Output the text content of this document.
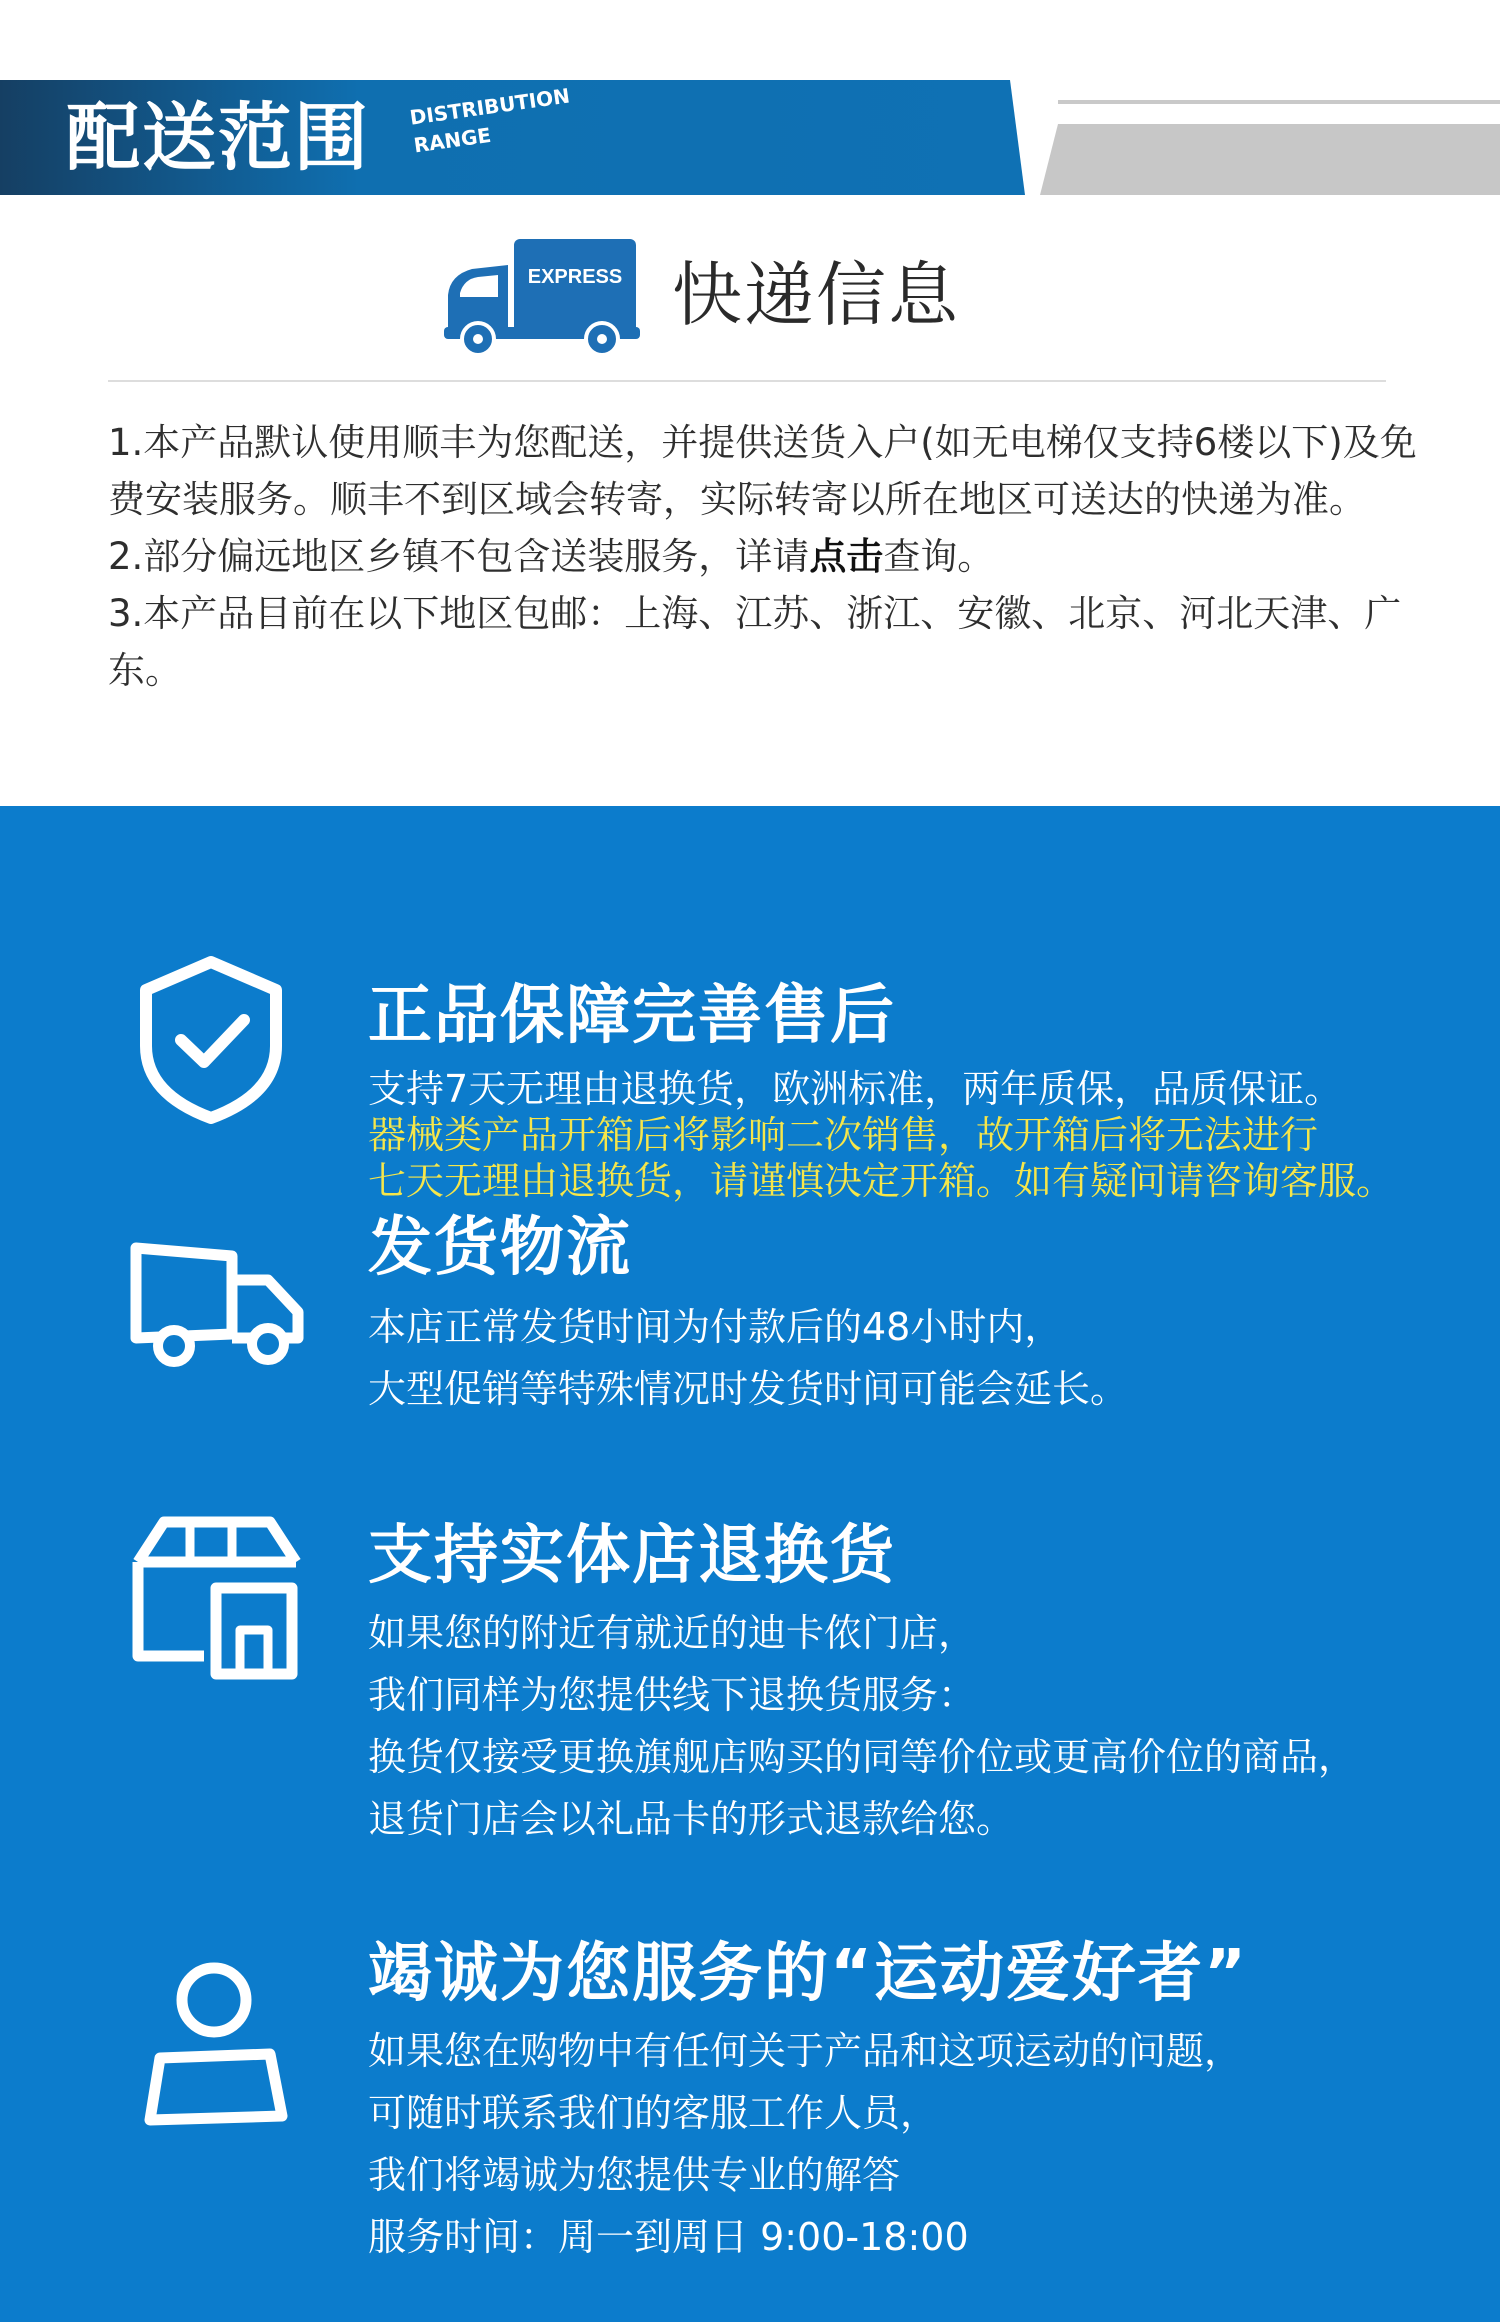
配送范围 DISTRIBUTION
RANGE
EXPRESS 快递信息
1.本产品默认使用顺丰为您配送，并提供送货入户(如无电梯仅支持6楼以下)及免费安装服务。顺丰不到区域会转寄，实际转寄以所在地区可送达的快递为准。
2.部分偏远地区乡镇不包含送装服务，详请点击查询。
3.本产品目前在以下地区包邮：上海、江苏、浙江、安徽、北京、河北天津、广东。
正品保障完善售后
支持7天无理由退换货，欧洲标准，两年质保，品质保证。
器械类产品开箱后将影响二次销售，故开箱后将无法进行
七天无理由退换货，请谨慎决定开箱。如有疑问请咨询客服。
发货物流
本店正常发货时间为付款后的48小时内，
大型促销等特殊情况时发货时间可能会延长。
支持实体店退换货
如果您的附近有就近的迪卡侬门店，
我们同样为您提供线下退换货服务：
换货仅接受更换旗舰店购买的同等价位或更高价位的商品，
退货门店会以礼品卡的形式退款给您。
竭诚为您服务的“运动爱好者”
如果您在购物中有任何关于产品和这项运动的问题，
可随时联系我们的客服工作人员，
我们将竭诚为您提供专业的解答
服务时间：周一到周日 9:00-18:00
